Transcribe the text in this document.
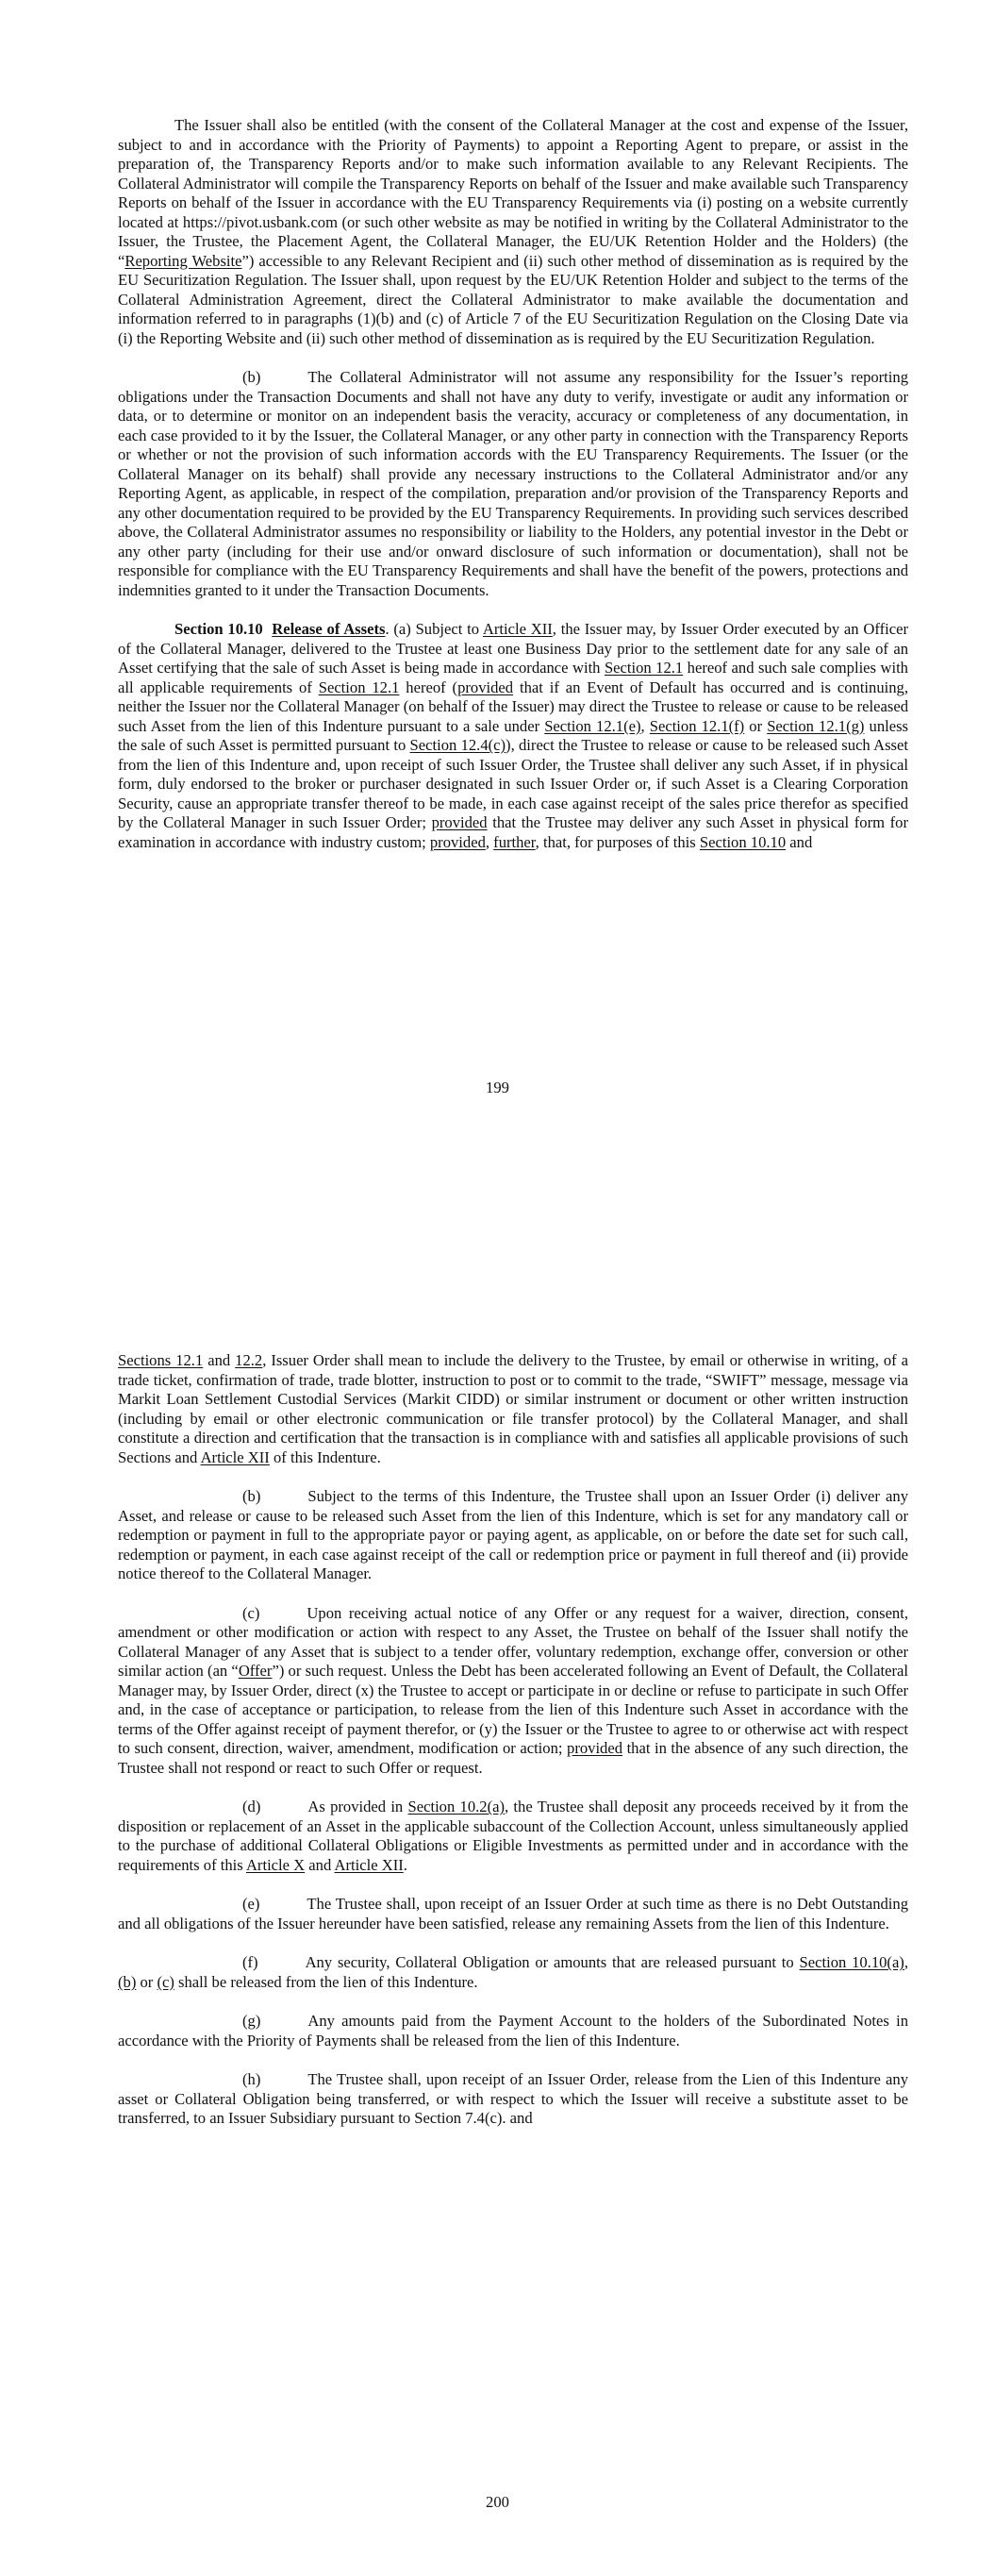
The Issuer shall also be entitled (with the consent of the Collateral Manager at the cost and expense of the Issuer, subject to and in accordance with the Priority of Payments) to appoint a Reporting Agent to prepare, or assist in the preparation of, the Transparency Reports and/or to make such information available to any Relevant Recipients. The Collateral Administrator will compile the Transparency Reports on behalf of the Issuer and make available such Transparency Reports on behalf of the Issuer in accordance with the EU Transparency Requirements via (i) posting on a website currently located at https://pivot.usbank.com (or such other website as may be notified in writing by the Collateral Administrator to the Issuer, the Trustee, the Placement Agent, the Collateral Manager, the EU/UK Retention Holder and the Holders) (the “Reporting Website”) accessible to any Relevant Recipient and (ii) such other method of dissemination as is required by the EU Securitization Regulation. The Issuer shall, upon request by the EU/UK Retention Holder and subject to the terms of the Collateral Administration Agreement, direct the Collateral Administrator to make available the documentation and information referred to in paragraphs (1)(b) and (c) of Article 7 of the EU Securitization Regulation on the Closing Date via (i) the Reporting Website and (ii) such other method of dissemination as is required by the EU Securitization Regulation.

(b)	The Collateral Administrator will not assume any responsibility for the Issuer’s reporting obligations under the Transaction Documents and shall not have any duty to verify, investigate or audit any information or data, or to determine or monitor on an independent basis the veracity, accuracy or completeness of any documentation, in each case provided to it by the Issuer, the Collateral Manager, or any other party in connection with the Transparency Reports or whether or not the provision of such information accords with the EU Transparency Requirements. The Issuer (or the Collateral Manager on its behalf) shall provide any necessary instructions to the Collateral Administrator and/or any Reporting Agent, as applicable, in respect of the compilation, preparation and/or provision of the Transparency Reports and any other documentation required to be provided by the EU Transparency Requirements. In providing such services described above, the Collateral Administrator assumes no responsibility or liability to the Holders, any potential investor in the Debt or any other party (including for their use and/or onward disclosure of such information or documentation), shall not be responsible for compliance with the EU Transparency Requirements and shall have the benefit of the powers, protections and indemnities granted to it under the Transaction Documents.

Section 10.10 Release of Assets. (a) Subject to Article XII, the Issuer may, by Issuer Order executed by an Officer of the Collateral Manager, delivered to the Trustee at least one Business Day prior to the settlement date for any sale of an Asset certifying that the sale of such Asset is being made in accordance with Section 12.1 hereof and such sale complies with all applicable requirements of Section 12.1 hereof (provided that if an Event of Default has occurred and is continuing, neither the Issuer nor the Collateral Manager (on behalf of the Issuer) may direct the Trustee to release or cause to be released such Asset from the lien of this Indenture pursuant to a sale under Section 12.1(e), Section 12.1(f) or Section 12.1(g) unless the sale of such Asset is permitted pursuant to Section 12.4(c)), direct the Trustee to release or cause to be released such Asset from the lien of this Indenture and, upon receipt of such Issuer Order, the Trustee shall deliver any such Asset, if in physical form, duly endorsed to the broker or purchaser designated in such Issuer Order or, if such Asset is a Clearing Corporation Security, cause an appropriate transfer thereof to be made, in each case against receipt of the sales price therefor as specified by the Collateral Manager in such Issuer Order; provided that the Trustee may deliver any such Asset in physical form for examination in accordance with industry custom; provided, further, that, for purposes of this Section 10.10 and

199

Sections 12.1 and 12.2, Issuer Order shall mean to include the delivery to the Trustee, by email or otherwise in writing, of a trade ticket, confirmation of trade, trade blotter, instruction to post or to commit to the trade, “SWIFT” message, message via Markit Loan Settlement Custodial Services (Markit CIDD) or similar instrument or document or other written instruction (including by email or other electronic communication or file transfer protocol) by the Collateral Manager, and shall constitute a direction and certification that the transaction is in compliance with and satisfies all applicable provisions of such Sections and Article XII of this Indenture.

(b)	Subject to the terms of this Indenture, the Trustee shall upon an Issuer Order (i) deliver any Asset, and release or cause to be released such Asset from the lien of this Indenture, which is set for any mandatory call or redemption or payment in full to the appropriate payor or paying agent, as applicable, on or before the date set for such call, redemption or payment, in each case against receipt of the call or redemption price or payment in full thereof and (ii) provide notice thereof to the Collateral Manager.

(c)	Upon receiving actual notice of any Offer or any request for a waiver, direction, consent, amendment or other modification or action with respect to any Asset, the Trustee on behalf of the Issuer shall notify the Collateral Manager of any Asset that is subject to a tender offer, voluntary redemption, exchange offer, conversion or other similar action (an “Offer”) or such request. Unless the Debt has been accelerated following an Event of Default, the Collateral Manager may, by Issuer Order, direct (x) the Trustee to accept or participate in or decline or refuse to participate in such Offer and, in the case of acceptance or participation, to release from the lien of this Indenture such Asset in accordance with the terms of the Offer against receipt of payment therefor, or (y) the Issuer or the Trustee to agree to or otherwise act with respect to such consent, direction, waiver, amendment, modification or action; provided that in the absence of any such direction, the Trustee shall not respond or react to such Offer or request.

(d)	As provided in Section 10.2(a), the Trustee shall deposit any proceeds received by it from the disposition or replacement of an Asset in the applicable subaccount of the Collection Account, unless simultaneously applied to the purchase of additional Collateral Obligations or Eligible Investments as permitted under and in accordance with the requirements of this Article X and Article XII.

(e)	The Trustee shall, upon receipt of an Issuer Order at such time as there is no Debt Outstanding and all obligations of the Issuer hereunder have been satisfied, release any remaining Assets from the lien of this Indenture.

(f)	Any security, Collateral Obligation or amounts that are released pursuant to Section 10.10(a), (b) or (c) shall be released from the lien of this Indenture.

(g)	Any amounts paid from the Payment Account to the holders of the Subordinated Notes in accordance with the Priority of Payments shall be released from the lien of this Indenture.

(h)	The Trustee shall, upon receipt of an Issuer Order, release from the Lien of this Indenture any asset or Collateral Obligation being transferred, or with respect to which the Issuer will receive a substitute asset to be transferred, to an Issuer Subsidiary pursuant to Section 7.4(c). and

200
